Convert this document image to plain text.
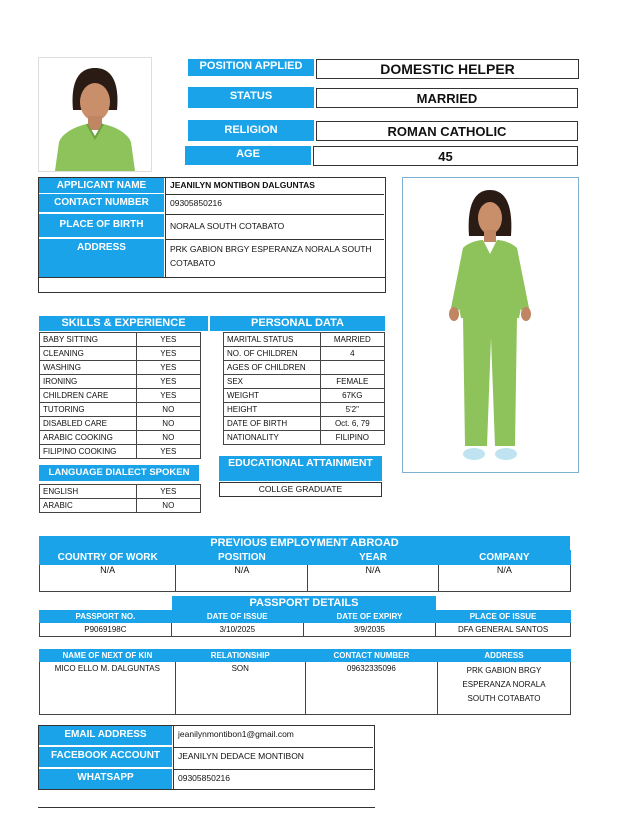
POSITION APPLIED	DOMESTIC HELPER
STATUS	MARRIED
RELIGION	ROMAN CATHOLIC
AGE	45
APPLICANT NAME	JEANILYN MONTIBON DALGUNTAS
CONTACT NUMBER	09305850216
PLACE OF BIRTH	NORALA SOUTH COTABATO
ADDRESS	PRK GABION BRGY ESPERANZA NORALA SOUTH COTABATO
SKILLS & EXPERIENCE	PERSONAL DATA
BABY SITTING	YES
CLEANING	YES
WASHING	YES
IRONING	YES
CHILDREN CARE	YES
TUTORING	NO
DISABLED CARE	NO
ARABIC COOKING	NO
FILIPINO COOKING	YES
MARITAL STATUS	MARRIED
NO. OF CHILDREN	4
AGES OF CHILDREN	
SEX	FEMALE
WEIGHT	67KG
HEIGHT	5'2"
DATE OF BIRTH	Oct. 6, 79
NATIONALITY	FILIPINO
LANGUAGE DIALECT SPOKEN
ENGLISH	YES
ARABIC	NO
EDUCATIONAL ATTAINMENT
COLLGE GRADUATE
PREVIOUS EMPLOYMENT ABROAD
COUNTRY OF WORK	POSITION	YEAR	COMPANY
N/A	N/A	N/A	N/A
PASSPORT DETAILS
PASSPORT NO.	DATE OF ISSUE	DATE OF EXPIRY	PLACE OF ISSUE
P9069198C	3/10/2025	3/9/2035	DFA GENERAL SANTOS
NAME OF NEXT OF KIN	RELATIONSHIP	CONTACT NUMBER	ADDRESS
MICO ELLO M. DALGUNTAS	SON	09632335096	PRK GABION BRGY
ESPERANZA NORALA
SOUTH COTABATO
EMAIL ADDRESS	jeanilynmontibon1@gmail.com
FACEBOOK ACCOUNT	JEANILYN DEDACE MONTIBON
WHATSAPP	09305850216
